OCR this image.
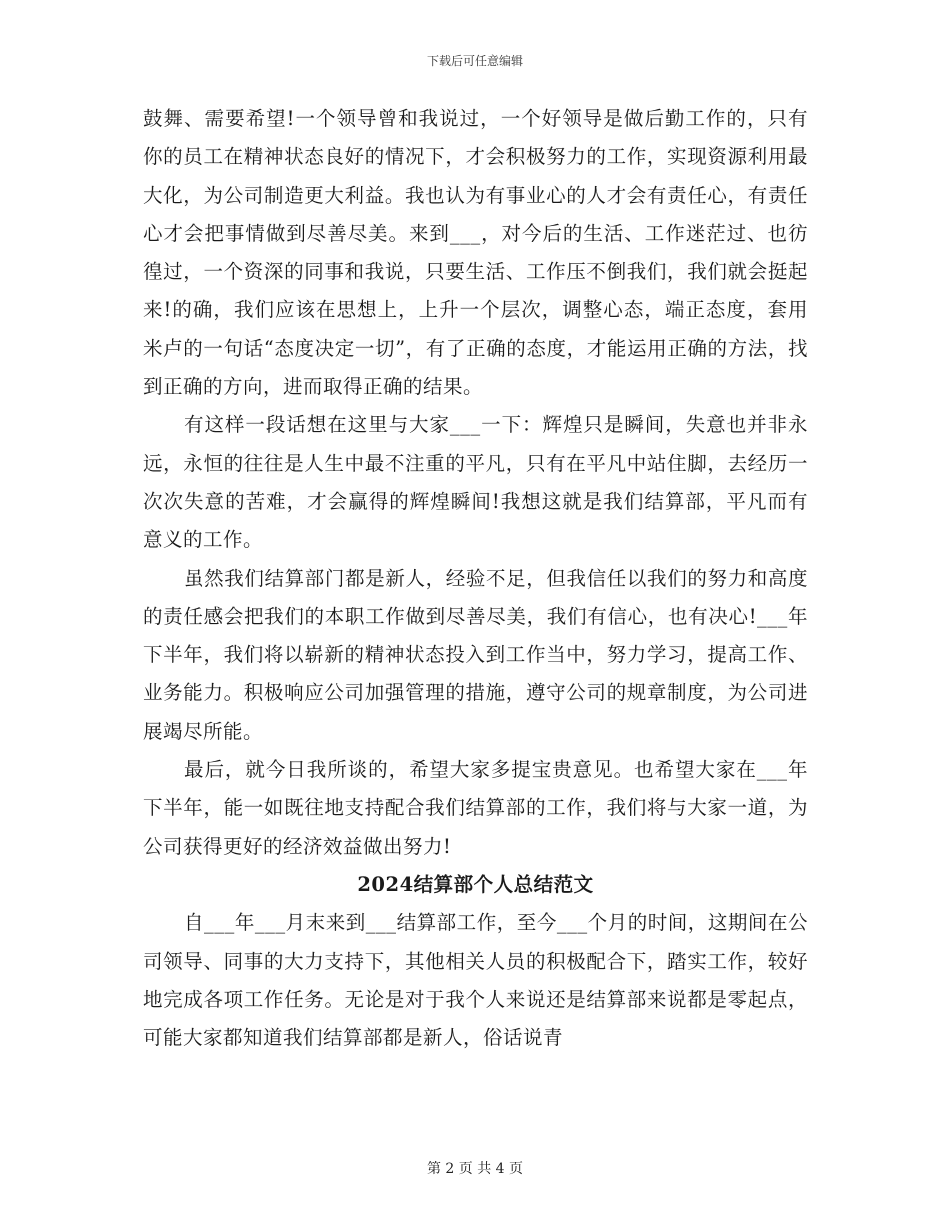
下载后可任意编辑

鼓舞、需要希望!一个领导曾和我说过，一个好领导是做后勤工作的，只有你的员工在精神状态良好的情况下，才会积极努力的工作，实现资源利用最大化，为公司制造更大利益。我也认为有事业心的人才会有责任心，有责任心才会把事情做到尽善尽美。来到___，对今后的生活、工作迷茫过、也彷徨过，一个资深的同事和我说，只要生活、工作压不倒我们，我们就会挺起来!的确，我们应该在思想上，上升一个层次，调整心态，端正态度，套用米卢的一句话“态度决定一切”，有了正确的态度，才能运用正确的方法，找到正确的方向，进而取得正确的结果。

有这样一段话想在这里与大家___一下：辉煌只是瞬间，失意也并非永远，永恒的往往是人生中最不注重的平凡，只有在平凡中站住脚，去经历一次次失意的苦难，才会赢得的辉煌瞬间!我想这就是我们结算部，平凡而有意义的工作。

虽然我们结算部门都是新人，经验不足，但我信任以我们的努力和高度的责任感会把我们的本职工作做到尽善尽美，我们有信心，也有决心!___年下半年，我们将以崭新的精神状态投入到工作当中，努力学习，提高工作、业务能力。积极响应公司加强管理的措施，遵守公司的规章制度，为公司进展竭尽所能。

最后，就今日我所谈的，希望大家多提宝贵意见。也希望大家在___年下半年，能一如既往地支持配合我们结算部的工作，我们将与大家一道，为公司获得更好的经济效益做出努力!

2024结算部个人总结范文

自___年___月末来到___结算部工作，至今___个月的时间，这期间在公司领导、同事的大力支持下，其他相关人员的积极配合下，踏实工作，较好地完成各项工作任务。无论是对于我个人来说还是结算部来说都是零起点，可能大家都知道我们结算部都是新人，俗话说青

第 2 页 共 4 页
